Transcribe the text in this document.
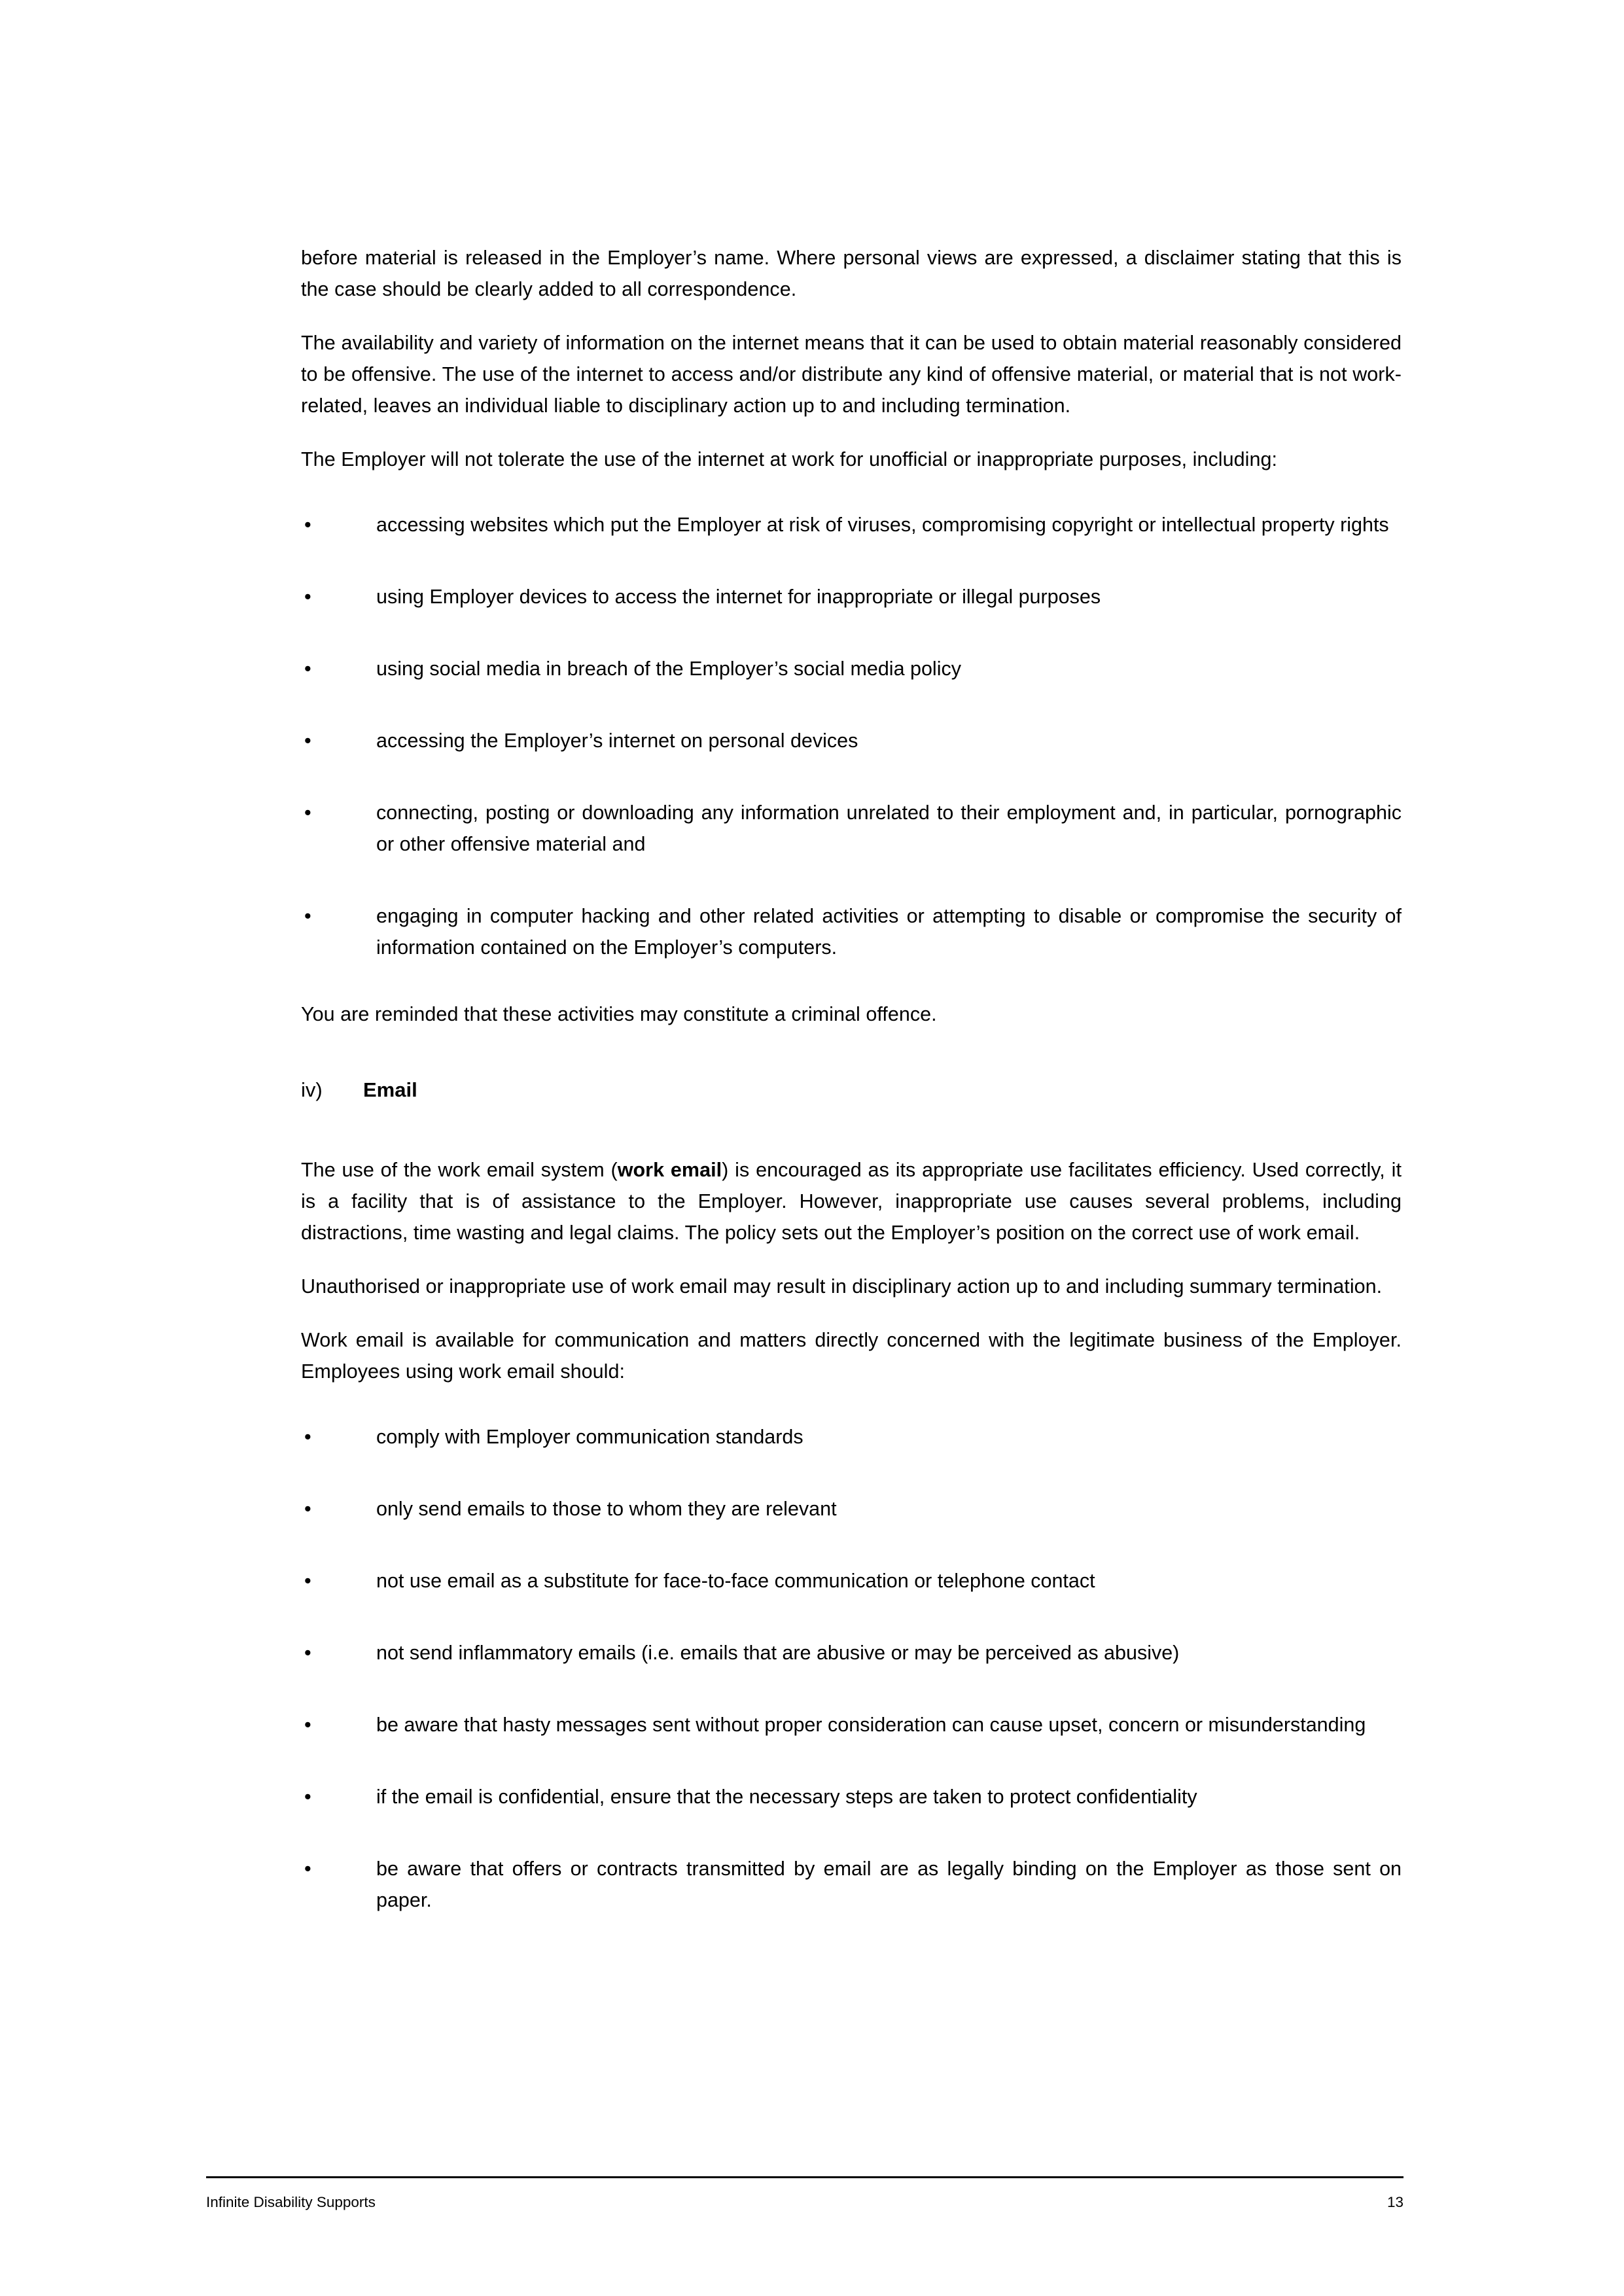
before material is released in the Employer’s name. Where personal views are expressed, a disclaimer stating that this is the case should be clearly added to all correspondence.

The availability and variety of information on the internet means that it can be used to obtain material reasonably considered to be offensive. The use of the internet to access and/or distribute any kind of offensive material, or material that is not work-related, leaves an individual liable to disciplinary action up to and including termination.

The Employer will not tolerate the use of the internet at work for unofficial or inappropriate purposes, including:

•	accessing websites which put the Employer at risk of viruses, compromising copyright or intellectual property rights
•	using Employer devices to access the internet for inappropriate or illegal purposes
•	using social media in breach of the Employer’s social media policy
•	accessing the Employer’s internet on personal devices
•	connecting, posting or downloading any information unrelated to their employment and, in particular, pornographic or other offensive material and
•	engaging in computer hacking and other related activities or attempting to disable or compromise the security of information contained on the Employer’s computers.

You are reminded that these activities may constitute a criminal offence.

iv)	Email

The use of the work email system (work email) is encouraged as its appropriate use facilitates efficiency. Used correctly, it is a facility that is of assistance to the Employer. However, inappropriate use causes several problems, including distractions, time wasting and legal claims. The policy sets out the Employer’s position on the correct use of work email.

Unauthorised or inappropriate use of work email may result in disciplinary action up to and including summary termination.

Work email is available for communication and matters directly concerned with the legitimate business of the Employer. Employees using work email should:

•	comply with Employer communication standards
•	only send emails to those to whom they are relevant
•	not use email as a substitute for face-to-face communication or telephone contact
•	not send inflammatory emails (i.e. emails that are abusive or may be perceived as abusive)
•	be aware that hasty messages sent without proper consideration can cause upset, concern or misunderstanding
•	if the email is confidential, ensure that the necessary steps are taken to protect confidentiality
•	be aware that offers or contracts transmitted by email are as legally binding on the Employer as those sent on paper.
Infinite Disability Supports	13
